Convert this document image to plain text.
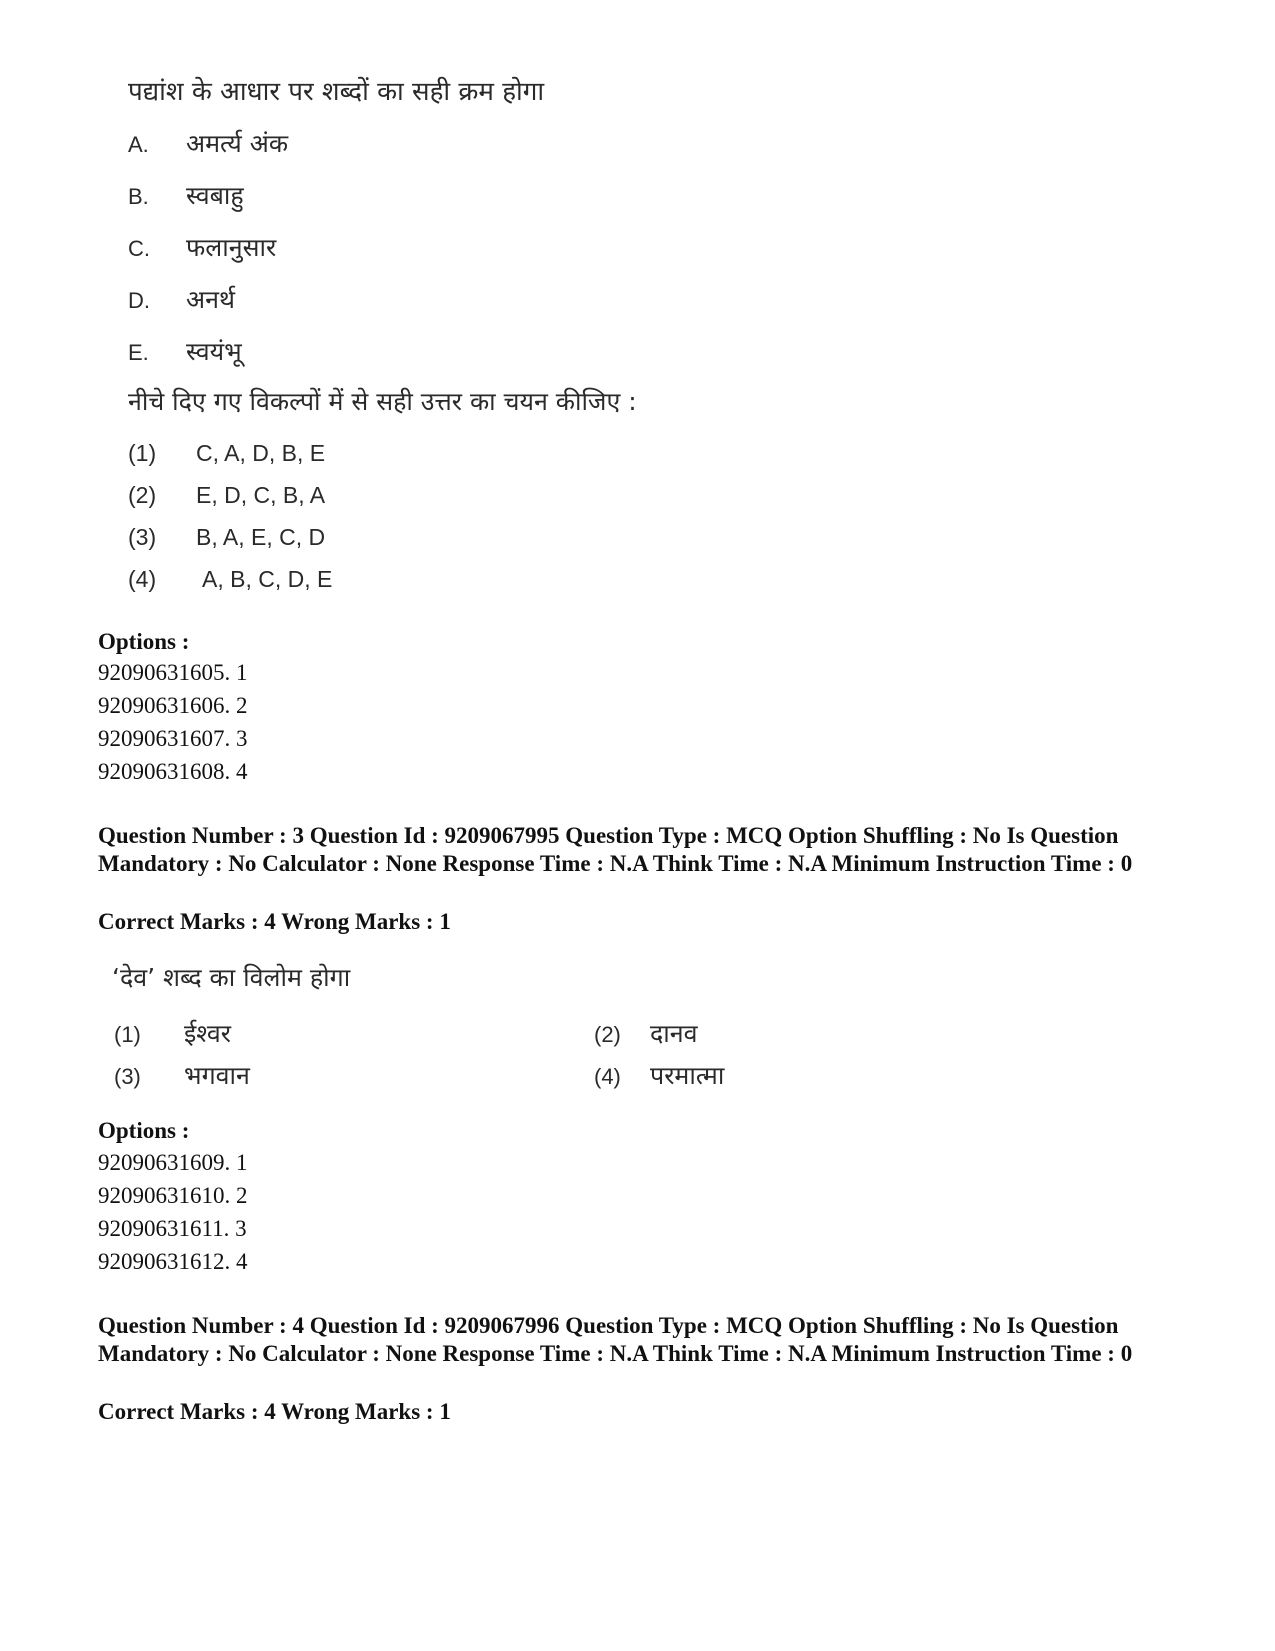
पद्यांश के आधार पर शब्दों का सही क्रम होगा
A. अमर्त्य अंक
B. स्वबाहु
C. फलानुसार
D. अनर्थ
E. स्वयंभू
नीचे दिए गए विकल्पों में से सही उत्तर का चयन कीजिए :
(1) C, A, D, B, E
(2) E, D, C, B, A
(3) B, A, E, C, D
(4) A, B, C, D, E
Options :
92090631605. 1
92090631606. 2
92090631607. 3
92090631608. 4
Question Number : 3 Question Id : 9209067995 Question Type : MCQ Option Shuffling : No Is Question Mandatory : No Calculator : None Response Time : N.A Think Time : N.A Minimum Instruction Time : 0
Correct Marks : 4 Wrong Marks : 1
‘देव’ शब्द का विलोम होगा
(1) ईश्वर	(2) दानव
(3) भगवान	(4) परमात्मा
Options :
92090631609. 1
92090631610. 2
92090631611. 3
92090631612. 4
Question Number : 4 Question Id : 9209067996 Question Type : MCQ Option Shuffling : No Is Question Mandatory : No Calculator : None Response Time : N.A Think Time : N.A Minimum Instruction Time : 0
Correct Marks : 4 Wrong Marks : 1
